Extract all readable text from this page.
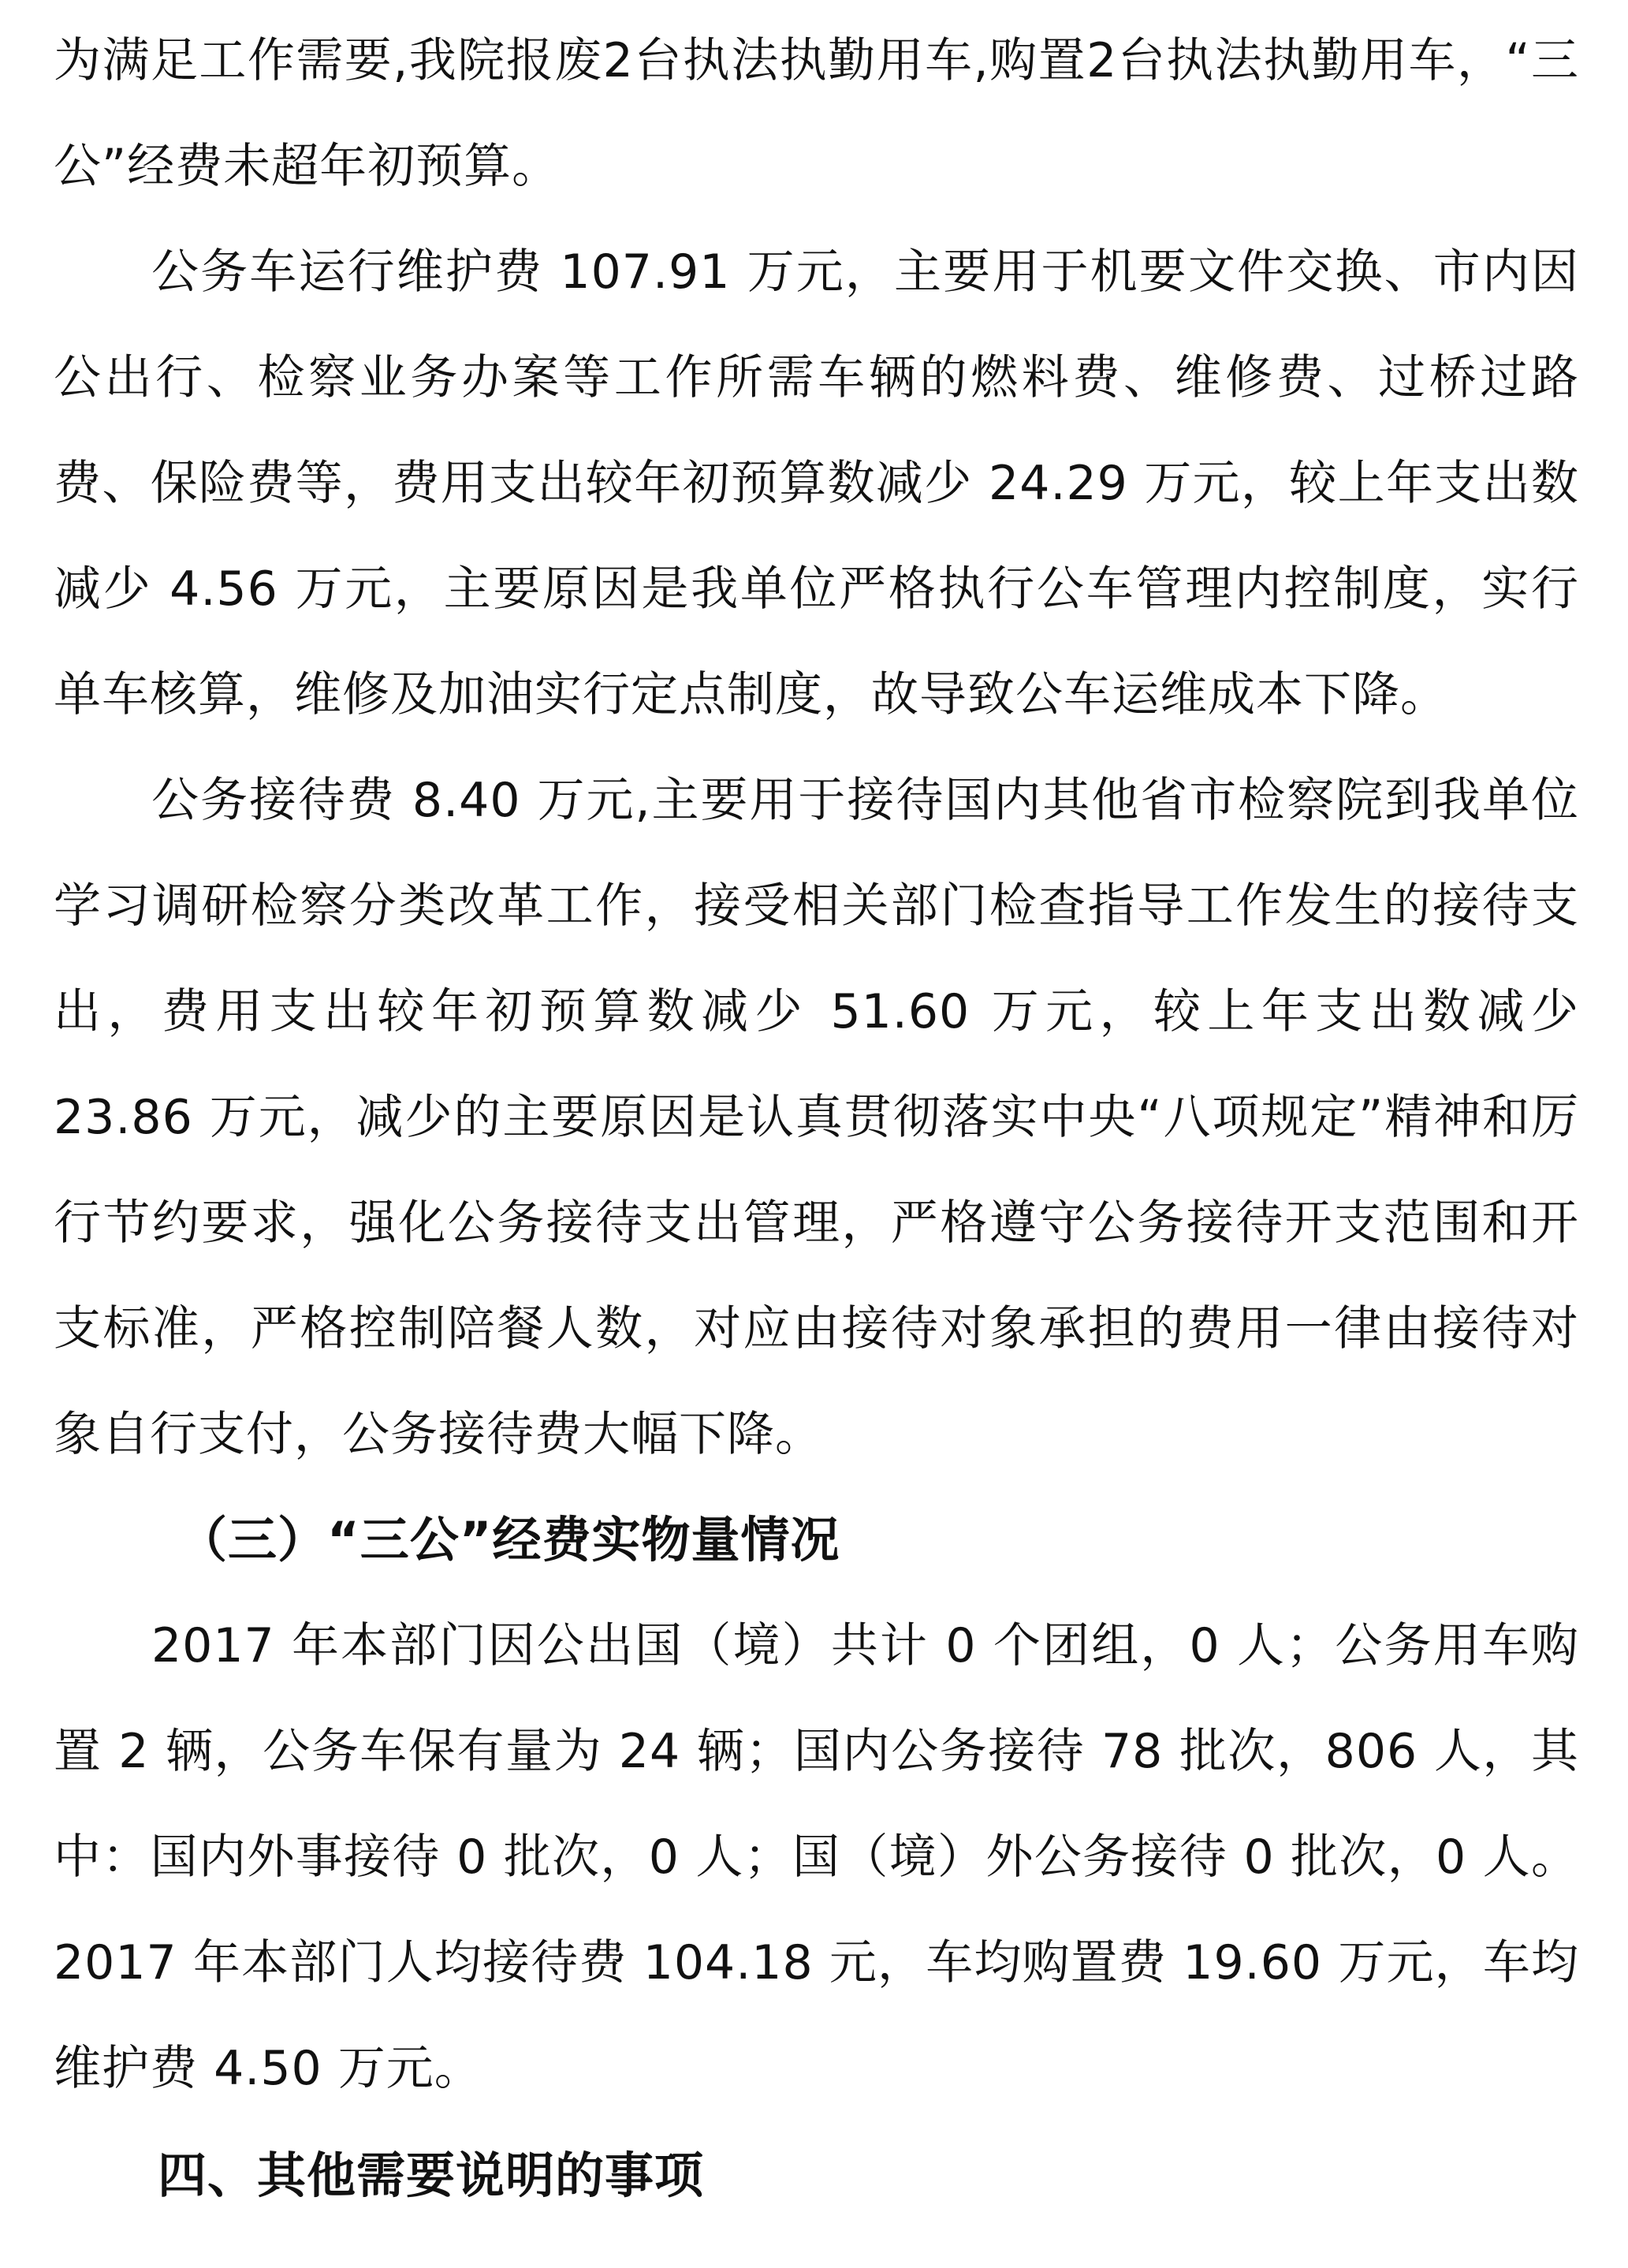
为满足工作需要,我院报废2台执法执勤用车,购置2台执法执勤用车，“三公”经费未超年初预算。

公务车运行维护费 107.91 万元，主要用于机要文件交换、市内因公出行、检察业务办案等工作所需车辆的燃料费、维修费、过桥过路费、保险费等，费用支出较年初预算数减少 24.29 万元，较上年支出数减少 4.56 万元，主要原因是我单位严格执行公车管理内控制度，实行单车核算，维修及加油实行定点制度，故导致公车运维成本下降。

公务接待费 8.40 万元,主要用于接待国内其他省市检察院到我单位学习调研检察分类改革工作，接受相关部门检查指导工作发生的接待支出，费用支出较年初预算数减少 51.60 万元，较上年支出数减少 23.86 万元，减少的主要原因是认真贯彻落实中央“八项规定”精神和厉行节约要求，强化公务接待支出管理，严格遵守公务接待开支范围和开支标准，严格控制陪餐人数，对应由接待对象承担的费用一律由接待对象自行支付，公务接待费大幅下降。

（三）“三公”经费实物量情况

2017 年本部门因公出国（境）共计 0 个团组，0 人；公务用车购置 2 辆，公务车保有量为 24 辆；国内公务接待 78 批次，806 人，其中：国内外事接待 0 批次，0 人；国（境）外公务接待 0 批次，0 人。2017 年本部门人均接待费 104.18 元，车均购置费 19.60 万元，车均维护费 4.50 万元。

四、其他需要说明的事项
